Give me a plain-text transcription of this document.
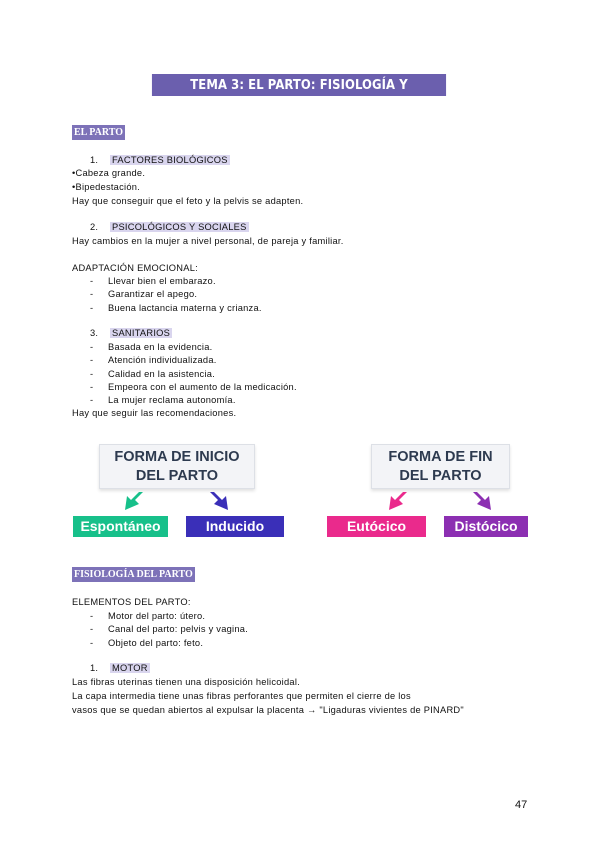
TEMA 3: EL PARTO: FISIOLOGÍA Y PROBLEMAS DE SALUD
EL PARTO
1. FACTORES BIOLÓGICOS
•Cabeza grande.
•Bipedestación.
Hay que conseguir que el feto y la pelvis se adapten.
2. PSICOLÓGICOS Y SOCIALES
Hay cambios en la mujer a nivel personal, de pareja y familiar.
ADAPTACIÓN EMOCIONAL:
- Llevar bien el embarazo.
- Garantizar el apego.
- Buena lactancia materna y crianza.
3. SANITARIOS
- Basada en la evidencia.
- Atención individualizada.
- Calidad en la asistencia.
- Empeora con el aumento de la medicación.
- La mujer reclama autonomía.
Hay que seguir las recomendaciones.
FORMA DE INICIO
DEL PARTO
Espontáneo	Inducido
FORMA DE FIN
DEL PARTO
Eutócico	Distócico
FISIOLOGÍA DEL PARTO
ELEMENTOS DEL PARTO:
- Motor del parto: útero.
- Canal del parto: pelvis y vagina.
- Objeto del parto: feto.
1. MOTOR
Las fibras uterinas tienen una disposición helicoidal.
La capa intermedia tiene unas fibras perforantes que permiten el cierre de los
vasos que se quedan abiertos al expulsar la placenta → "Ligaduras vivientes de PINARD"
47
